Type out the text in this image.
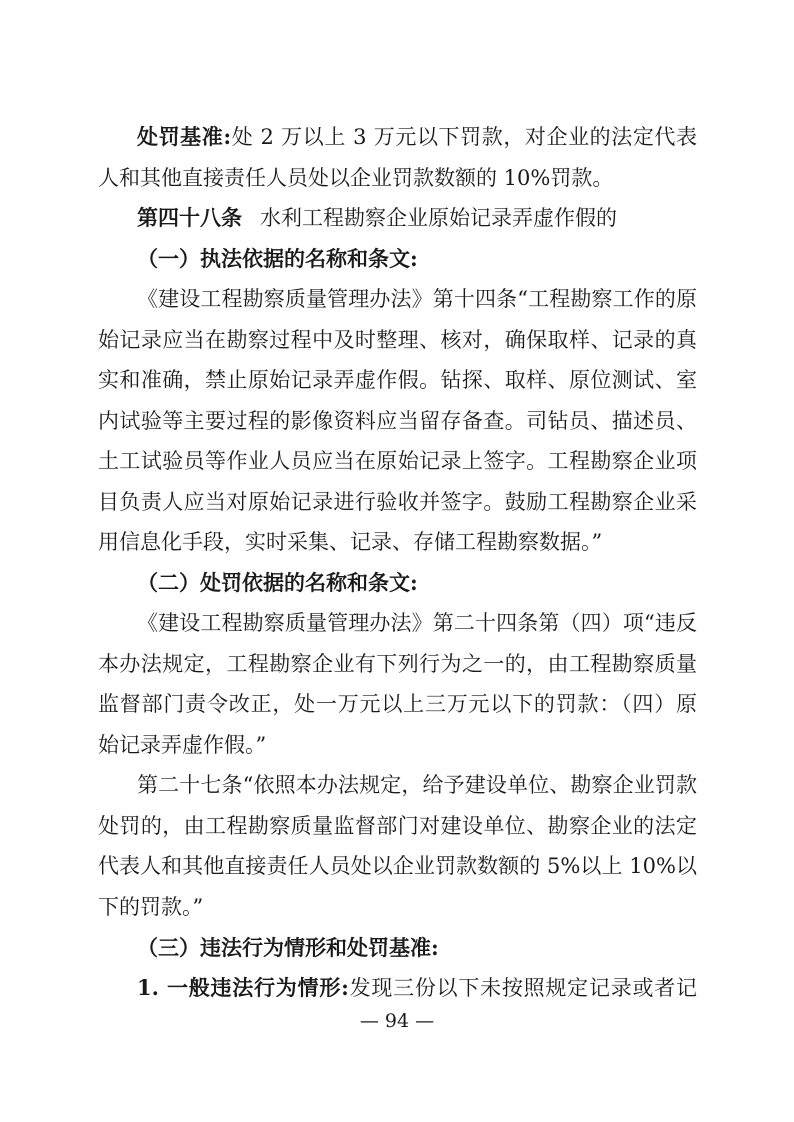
处罚基准:处 2 万以上 3 万元以下罚款，对企业的法定代表
人和其他直接责任人员处以企业罚款数额的 10%罚款。
第四十八条 水利工程勘察企业原始记录弄虚作假的
（一）执法依据的名称和条文:
《建设工程勘察质量管理办法》第十四条“工程勘察工作的原
始记录应当在勘察过程中及时整理、核对，确保取样、记录的真
实和准确，禁止原始记录弄虚作假。钻探、取样、原位测试、室
内试验等主要过程的影像资料应当留存备查。司钻员、描述员、
土工试验员等作业人员应当在原始记录上签字。工程勘察企业项
目负责人应当对原始记录进行验收并签字。鼓励工程勘察企业采
用信息化手段，实时采集、记录、存储工程勘察数据。”
（二）处罚依据的名称和条文:
《建设工程勘察质量管理办法》第二十四条第（四）项“违反
本办法规定，工程勘察企业有下列行为之一的，由工程勘察质量
监督部门责令改正，处一万元以上三万元以下的罚款：（四）原
始记录弄虚作假。”
第二十七条“依照本办法规定，给予建设单位、勘察企业罚款
处罚的，由工程勘察质量监督部门对建设单位、勘察企业的法定
代表人和其他直接责任人员处以企业罚款数额的 5%以上 10%以
下的罚款。”
（三）违法行为情形和处罚基准:
— 94 —
1. 一般违法行为情形:发现三份以下未按照规定记录或者记
